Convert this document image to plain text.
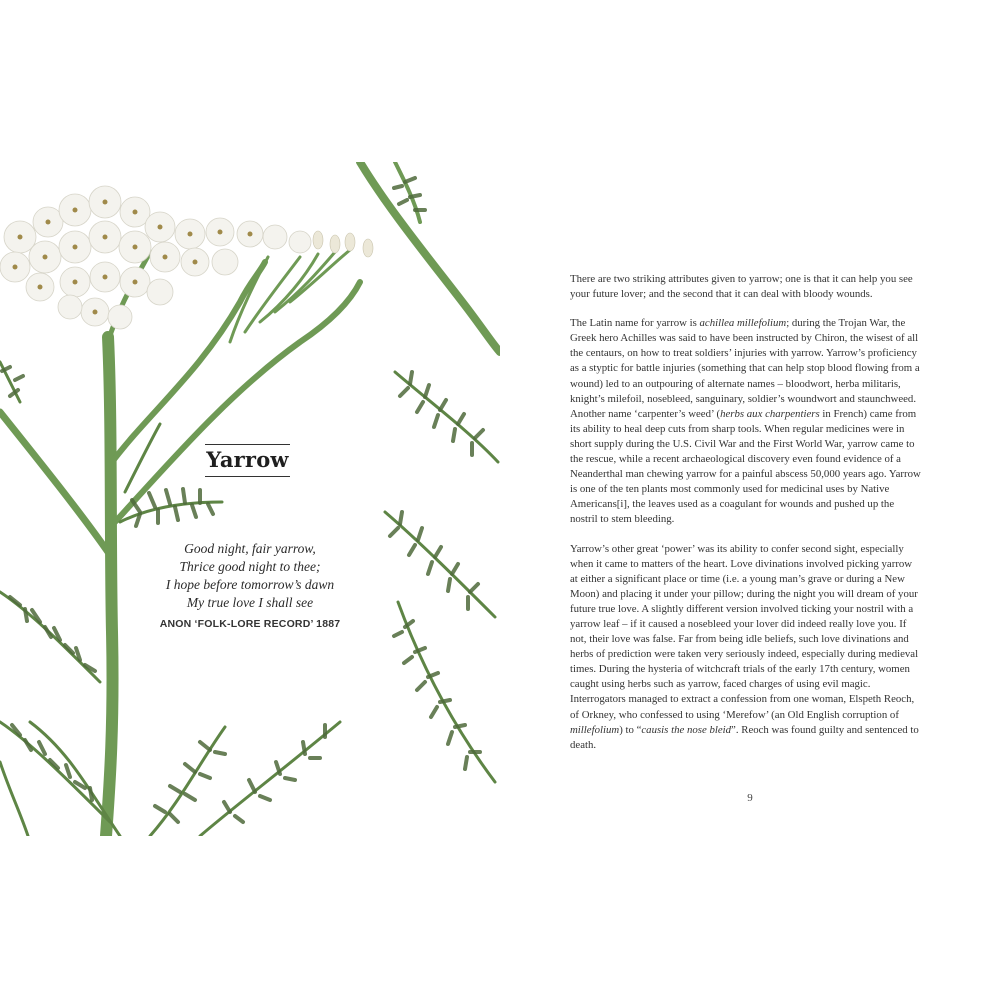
Yarrow
Good night, fair yarrow,
Thrice good night to thee;
I hope before tomorrow’s dawn
My true love I shall see
ANON ‘FOLK-LORE RECORD’ 1887

There are two striking attributes given to yarrow; one is that it can help you see your future lover; and the second that it can deal with bloody wounds.

The Latin name for yarrow is achillea millefolium; during the Trojan War, the Greek hero Achilles was said to have been instructed by Chiron, the wisest of all the centaurs, on how to treat soldiers’ injuries with yarrow. Yarrow’s proficiency as a styptic for battle injuries (something that can help stop blood flowing from a wound) led to an outpouring of alternate names – bloodwort, herba militaris, knight’s milefoil, nosebleed, sanguinary, soldier’s woundwort and staunchweed. Another name ‘carpenter’s weed’ (herbs aux charpentiers in French) came from its ability to heal deep cuts from sharp tools. When regular medicines were in short supply during the U.S. Civil War and the First World War, yarrow came to the rescue, while a recent archaeological discovery even found evidence of a Neanderthal man chewing yarrow for a painful abscess 50,000 years ago. Yarrow is one of the ten plants most commonly used for medicinal uses by Native Americans[i], the leaves used as a coagulant for wounds and pushed up the nostril to stem bleeding.

Yarrow’s other great ‘power’ was its ability to confer second sight, especially when it came to matters of the heart. Love divinations involved picking yarrow at either a significant place or time (i.e. a young man’s grave or during a New Moon) and placing it under your pillow; during the night you will dream of your future true love. A slightly different version involved ticking your nostril with a yarrow leaf – if it caused a nosebleed your lover did indeed really love you. If not, their love was false. Far from being idle beliefs, such love divinations and herbs of prediction were taken very seriously indeed, especially during medieval times. During the hysteria of witchcraft trials of the early 17th century, women caught using herbs such as yarrow, faced charges of using evil magic. Interrogators managed to extract a confession from one woman, Elspeth Reoch, of Orkney, who confessed to using ‘Merefow’ (an Old English corruption of millefolium) to “causis the nose bleid”. Reoch was found guilty and sentenced to death.

9
